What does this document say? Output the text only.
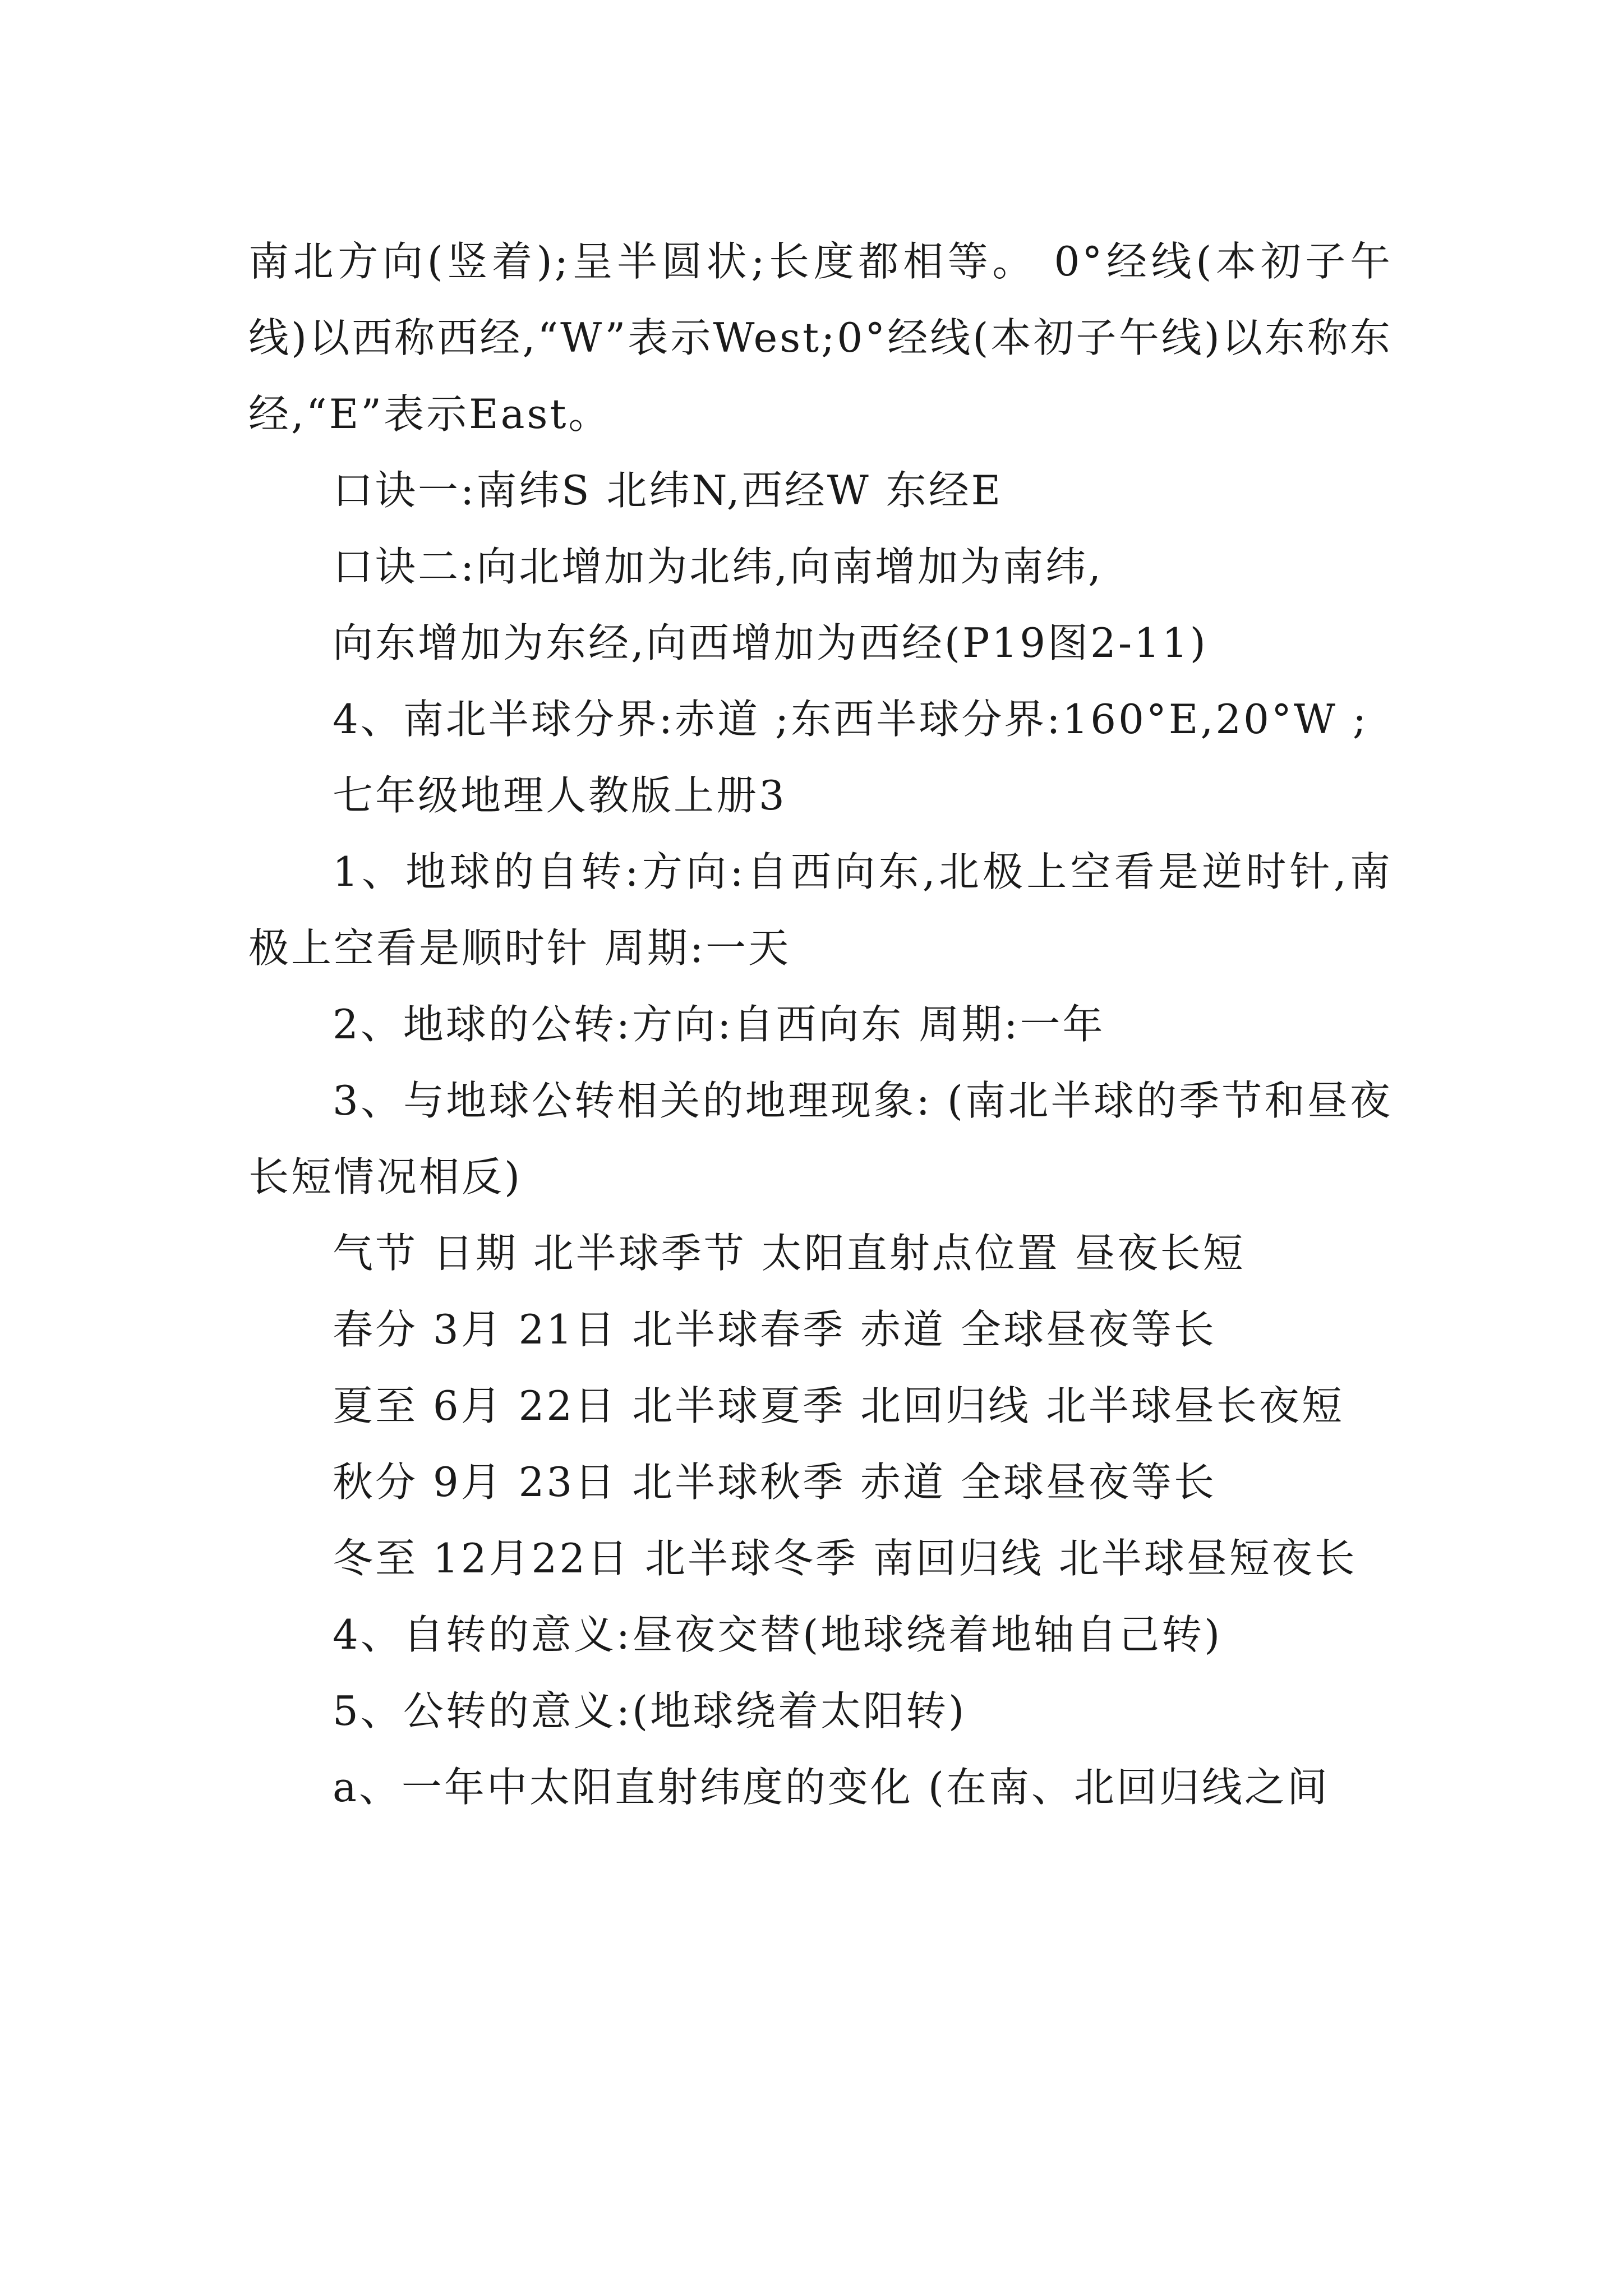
南北方向(竖着);呈半圆状;长度都相等。 0°经线(本初子午线)以西称西经,“W”表示West;0°经线(本初子午线)以东称东经,“E”表示East。

口诀一:南纬S 北纬N,西经W 东经E

口诀二:向北增加为北纬,向南增加为南纬,

向东增加为东经,向西增加为西经(P19图2-11)

4、南北半球分界:赤道 ;东西半球分界:160°E,20°W ;

七年级地理人教版上册3

1、地球的自转:方向:自西向东,北极上空看是逆时针,南极上空看是顺时针 周期:一天

2、地球的公转:方向:自西向东 周期:一年

3、与地球公转相关的地理现象: (南北半球的季节和昼夜长短情况相反)

气节 日期 北半球季节 太阳直射点位置 昼夜长短

春分 3月 21日 北半球春季 赤道 全球昼夜等长

夏至 6月 22日 北半球夏季 北回归线 北半球昼长夜短

秋分 9月 23日 北半球秋季 赤道 全球昼夜等长

冬至 12月22日 北半球冬季 南回归线 北半球昼短夜长

4、自转的意义:昼夜交替(地球绕着地轴自己转)

5、公转的意义:(地球绕着太阳转)

a、一年中太阳直射纬度的变化 (在南、北回归线之间
